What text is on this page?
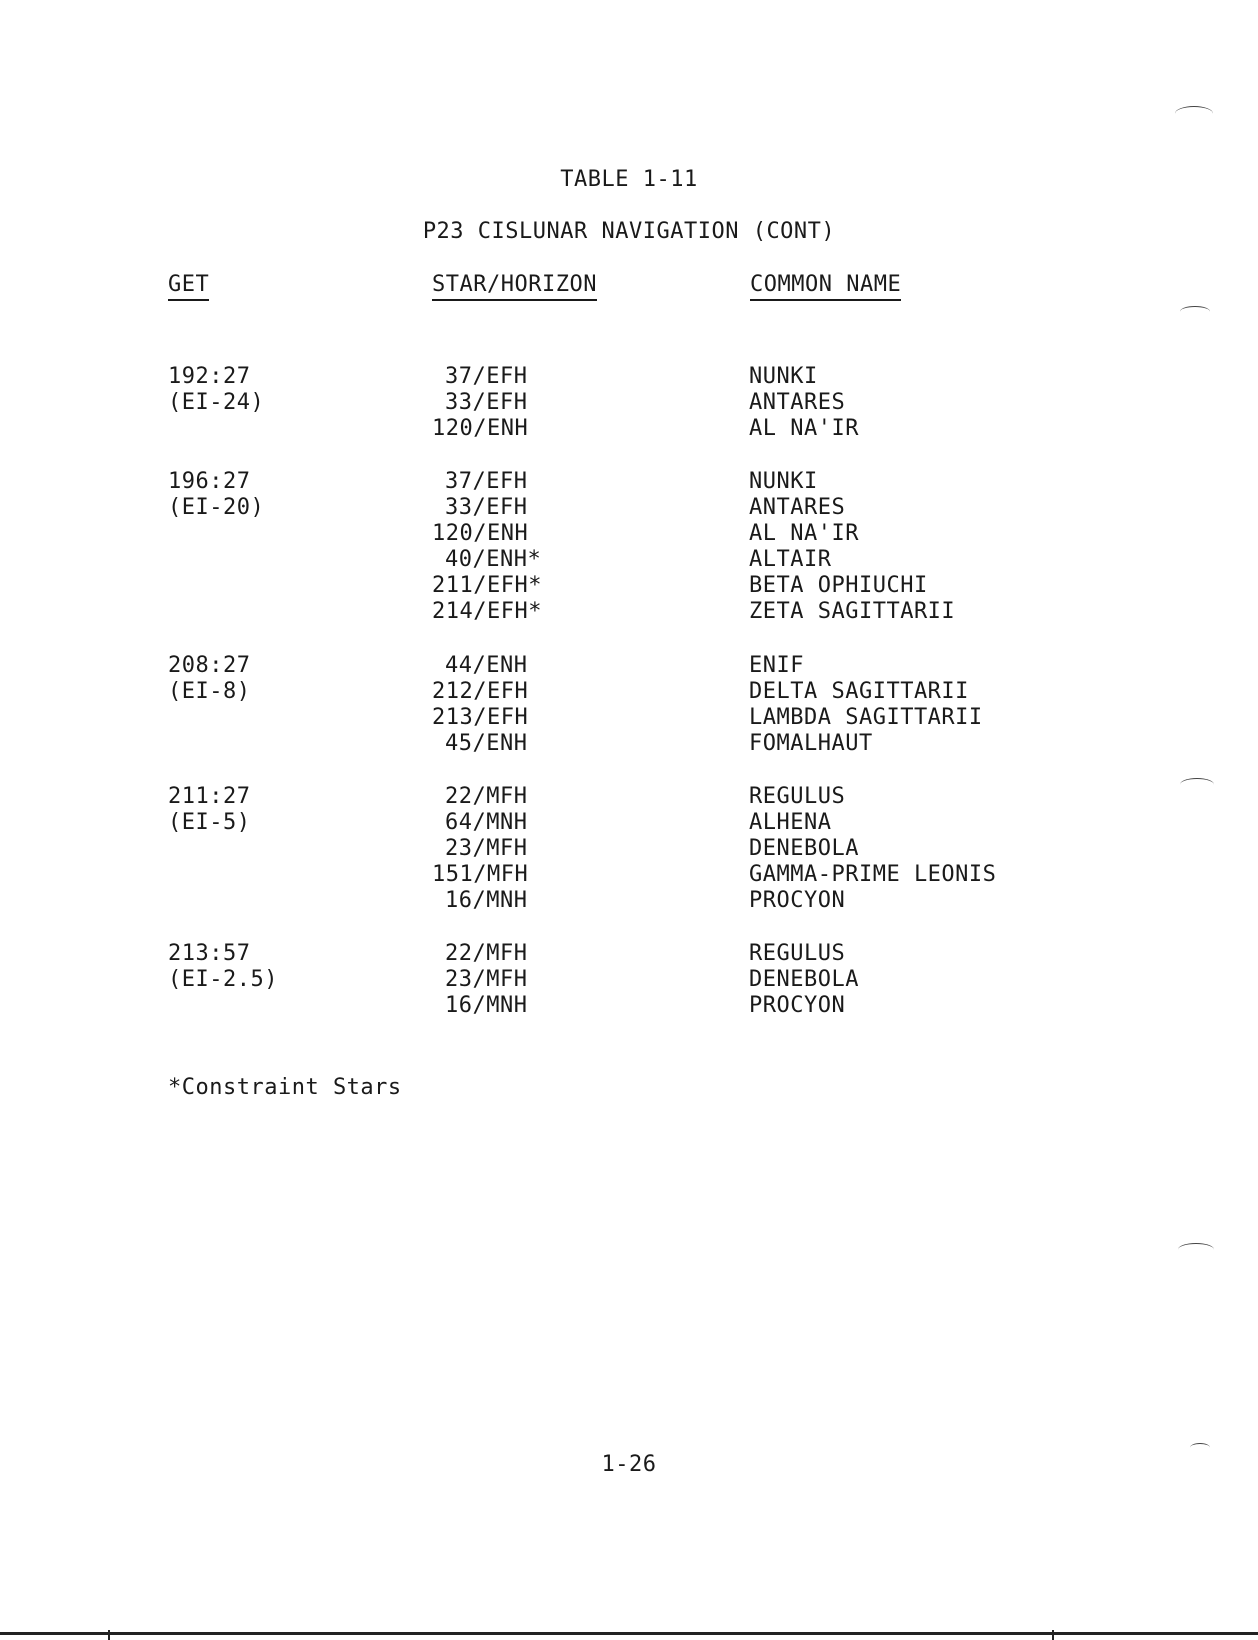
TABLE 1-11
P23 CISLUNAR NAVIGATION (CONT)
GET	STAR/HORIZON	COMMON NAME
192:27
(EI-24)
37/EFH
33/EFH
120/ENH
NUNKI
ANTARES
AL NA'IR
196:27
(EI-20)
37/EFH
33/EFH
120/ENH
40/ENH*
211/EFH*
214/EFH*
NUNKI
ANTARES
AL NA'IR
ALTAIR
BETA OPHIUCHI
ZETA SAGITTARII
208:27
(EI-8)
44/ENH
212/EFH
213/EFH
45/ENH
ENIF
DELTA SAGITTARII
LAMBDA SAGITTARII
FOMALHAUT
211:27
(EI-5)
22/MFH
64/MNH
23/MFH
151/MFH
16/MNH
REGULUS
ALHENA
DENEBOLA
GAMMA-PRIME LEONIS
PROCYON
213:57
(EI-2.5)
22/MFH
23/MFH
16/MNH
REGULUS
DENEBOLA
PROCYON
*Constraint Stars
1-26
